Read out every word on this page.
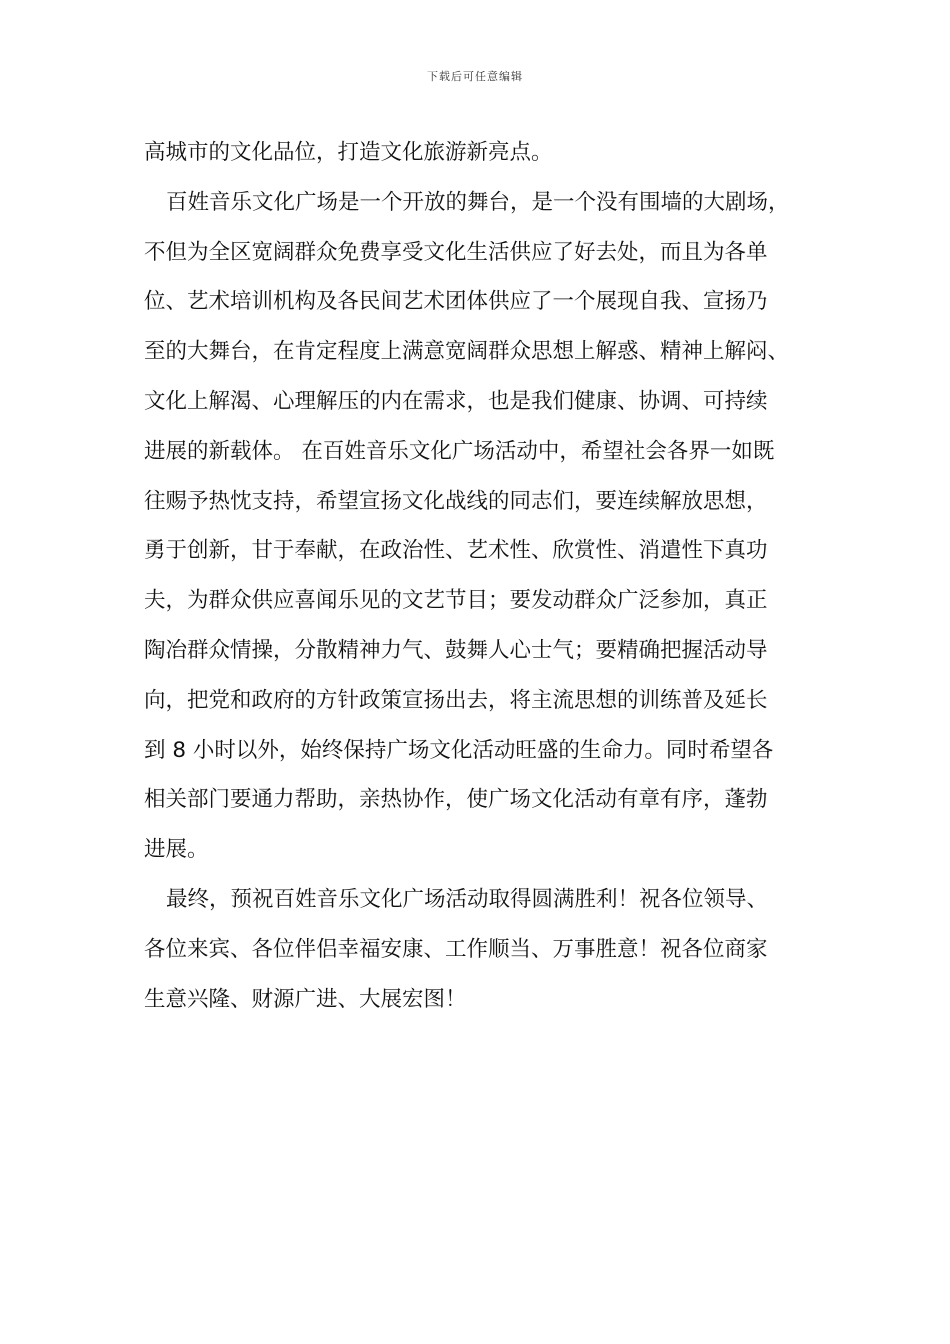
下载后可任意编辑
高城市的文化品位，打造文化旅游新亮点。
百姓音乐文化广场是一个开放的舞台，是一个没有围墙的大剧场，
不但为全区宽阔群众免费享受文化生活供应了好去处，而且为各单
位、艺术培训机构及各民间艺术团体供应了一个展现自我、宣扬乃
至的大舞台，在肯定程度上满意宽阔群众思想上解惑、精神上解闷、
文化上解渴、心理解压的内在需求，也是我们健康、协调、可持续
进展的新载体。 在百姓音乐文化广场活动中，希望社会各界一如既
往赐予热忱支持，希望宣扬文化战线的同志们，要连续解放思想，
勇于创新，甘于奉献，在政治性、艺术性、欣赏性、消遣性下真功
夫，为群众供应喜闻乐见的文艺节目；要发动群众广泛参加，真正
陶冶群众情操，分散精神力气、鼓舞人心士气；要精确把握活动导
向，把党和政府的方针政策宣扬出去，将主流思想的训练普及延长
到 8 小时以外，始终保持广场文化活动旺盛的生命力。同时希望各
相关部门要通力帮助，亲热协作，使广场文化活动有章有序，蓬勃
进展。
最终，预祝百姓音乐文化广场活动取得圆满胜利！祝各位领导、
各位来宾、各位伴侣幸福安康、工作顺当、万事胜意！祝各位商家
生意兴隆、财源广进、大展宏图！
